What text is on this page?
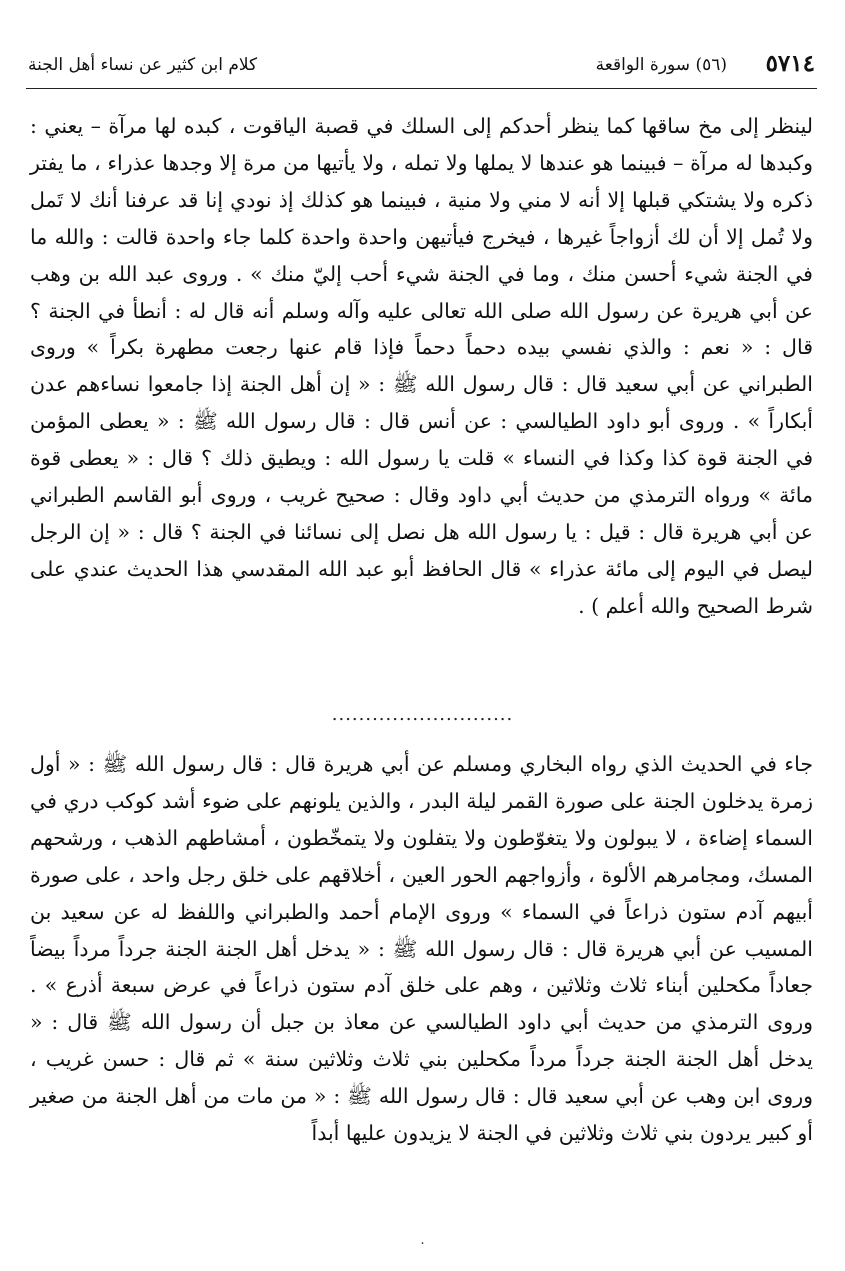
٥٧١٤
(٥٦) سورة الواقعة
كلام ابن كثير عن نساء أهل الجنة
لينظر إلى مخ ساقها كما ينظر أحدكم إلى السلك في قصبة الياقوت ، كبده لها مرآة – يعني : وكبدها له مرآة – فبينما هو عندها لا يملها ولا تمله ، ولا يأتيها من مرة إلا وجدها عذراء ، ما يفتر ذكره ولا يشتكي قبلها إلا أنه لا مني ولا منية ، فبينما هو كذلك إذ نودي إنا قد عرفنا أنك لا تَمل ولا تُمل إلا أن لك أزواجاً غيرها ، فيخرج فيأتيهن واحدة واحدة كلما جاء واحدة قالت : والله ما في الجنة شيء أحسن منك ، وما في الجنة شيء أحب إليّ منك » . وروى عبد الله بن وهب عن أبي هريرة عن رسول الله صلى الله تعالى عليه وآله وسلم أنه قال له : أنطأ في الجنة ؟ قال : « نعم : والذي نفسي بيده دحماً دحماً فإذا قام عنها رجعت مطهرة بكراً » وروى الطبراني عن أبي سعيد قال : قال رسول الله ﷺ : « إن أهل الجنة إذا جامعوا نساءهم عدن أبكاراً » . وروى أبو داود الطيالسي : عن أنس قال : قال رسول الله ﷺ : « يعطى المؤمن في الجنة قوة كذا وكذا في النساء » قلت يا رسول الله : ويطيق ذلك ؟ قال : « يعطى قوة مائة » ورواه الترمذي من حديث أبي داود وقال : صحيح غريب ، وروى أبو القاسم الطبراني عن أبي هريرة قال : قيل : يا رسول الله هل نصل إلى نسائنا في الجنة ؟ قال : « إن الرجل ليصل في اليوم إلى مائة عذراء » قال الحافظ أبو عبد الله المقدسي هذا الحديث عندي على شرط الصحيح والله أعلم ) .
...........................
جاء في الحديث الذي رواه البخاري ومسلم عن أبي هريرة قال : قال رسول الله ﷺ : « أول زمرة يدخلون الجنة على صورة القمر ليلة البدر ، والذين يلونهم على ضوء أشد كوكب دري في السماء إضاءة ، لا يبولون ولا يتغوّطون ولا يتفلون ولا يتمخّطون ، أمشاطهم الذهب ، ورشحهم المسك، ومجامرهم الألوة ، وأزواجهم الحور العين ، أخلاقهم على خلق رجل واحد ، على صورة أبيهم آدم ستون ذراعاً في السماء » وروى الإمام أحمد والطبراني واللفظ له عن سعيد بن المسيب عن أبي هريرة قال : قال رسول الله ﷺ : « يدخل أهل الجنة الجنة جرداً مرداً بيضاً جعاداً مكحلين أبناء ثلاث وثلاثين ، وهم على خلق آدم ستون ذراعاً في عرض سبعة أذرع » . وروى الترمذي من حديث أبي داود الطيالسي عن معاذ بن جبل أن رسول الله ﷺ قال : « يدخل أهل الجنة الجنة جرداً مرداً مكحلين بني ثلاث وثلاثين سنة » ثم قال : حسن غريب ، وروى ابن وهب عن أبي سعيد قال : قال رسول الله ﷺ : « من مات من أهل الجنة من صغير أو كبير يردون بني ثلاث وثلاثين في الجنة لا يزيدون عليها أبداً
.
